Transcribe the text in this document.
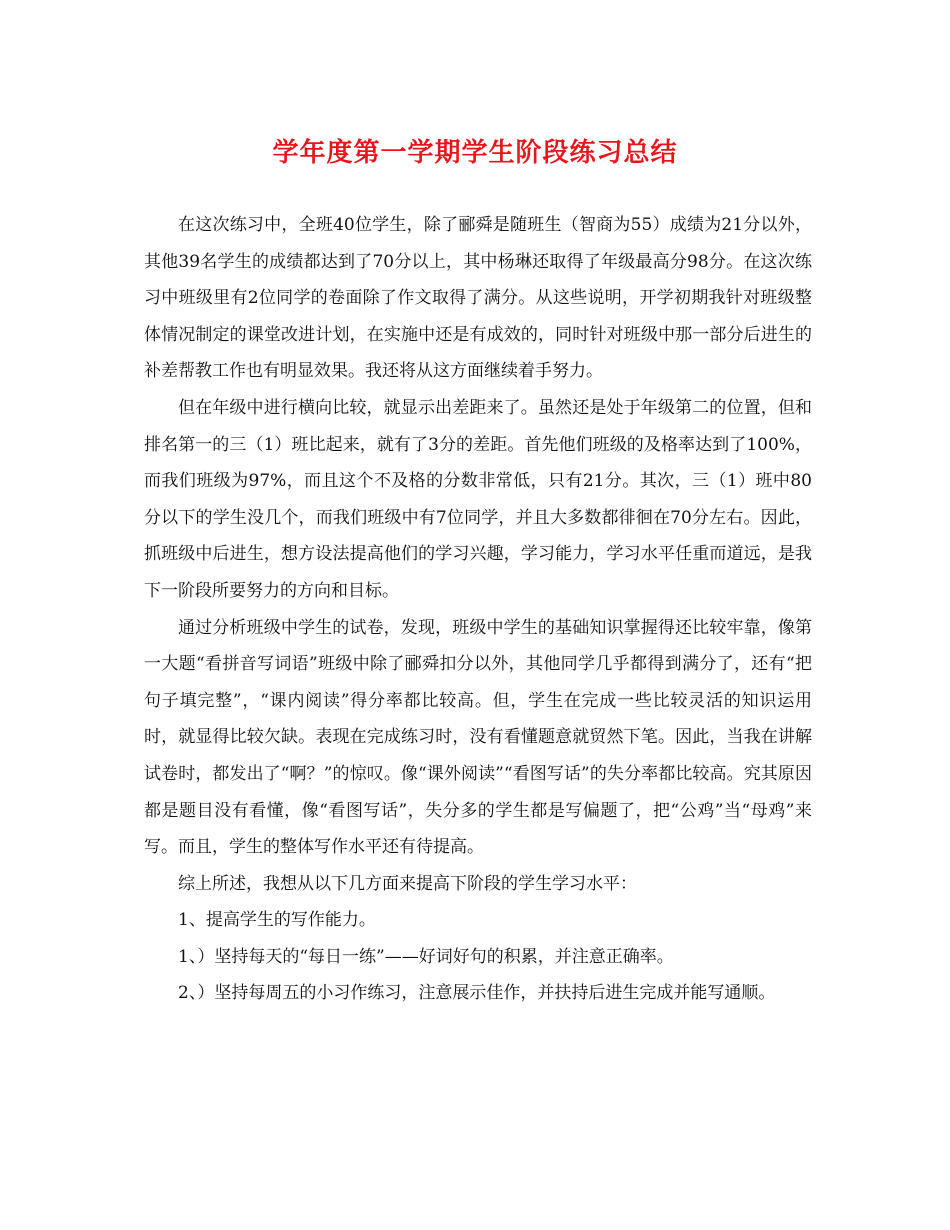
学年度第一学期学生阶段练习总结

在这次练习中，全班40位学生，除了郦舜是随班生（智商为55）成绩为21分以外，其他39名学生的成绩都达到了70分以上，其中杨琳还取得了年级最高分98分。在这次练习中班级里有2位同学的卷面除了作文取得了满分。从这些说明，开学初期我针对班级整体情况制定的课堂改进计划，在实施中还是有成效的，同时针对班级中那一部分后进生的补差帮教工作也有明显效果。我还将从这方面继续着手努力。

但在年级中进行横向比较，就显示出差距来了。虽然还是处于年级第二的位置，但和排名第一的三（1）班比起来，就有了3分的差距。首先他们班级的及格率达到了100%，而我们班级为97%，而且这个不及格的分数非常低，只有21分。其次，三（1）班中80分以下的学生没几个，而我们班级中有7位同学，并且大多数都徘徊在70分左右。因此，抓班级中后进生，想方设法提高他们的学习兴趣，学习能力，学习水平任重而道远，是我下一阶段所要努力的方向和目标。

通过分析班级中学生的试卷，发现，班级中学生的基础知识掌握得还比较牢靠，像第一大题“看拼音写词语”班级中除了郦舜扣分以外，其他同学几乎都得到满分了，还有“把句子填完整”，“课内阅读”得分率都比较高。但，学生在完成一些比较灵活的知识运用时，就显得比较欠缺。表现在完成练习时，没有看懂题意就贸然下笔。因此，当我在讲解试卷时，都发出了“啊？”的惊叹。像“课外阅读”“看图写话”的失分率都比较高。究其原因都是题目没有看懂，像“看图写话”，失分多的学生都是写偏题了，把“公鸡”当“母鸡”来写。而且，学生的整体写作水平还有待提高。

综上所述，我想从以下几方面来提高下阶段的学生学习水平：

1、提高学生的写作能力。

1、）坚持每天的“每日一练”——好词好句的积累，并注意正确率。

2、）坚持每周五的小习作练习，注意展示佳作，并扶持后进生完成并能写通顺。
